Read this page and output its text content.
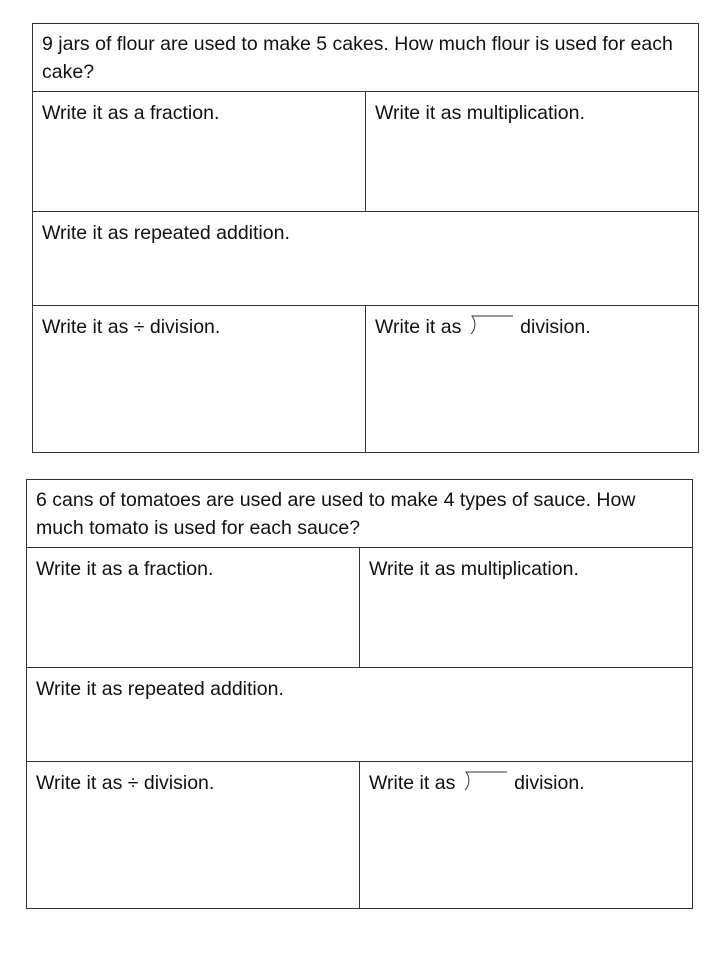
9 jars of flour are used to make 5 cakes. How much flour is used for each cake?
Write it as a fraction.	Write it as multiplication.
Write it as repeated addition.
Write it as ÷ division.	Write it as	division.
6 cans of tomatoes are used are used to make 4 types of sauce. How much tomato is used for each sauce?
Write it as a fraction.	Write it as multiplication.
Write it as repeated addition.
Write it as ÷ division.	Write it as	division.
